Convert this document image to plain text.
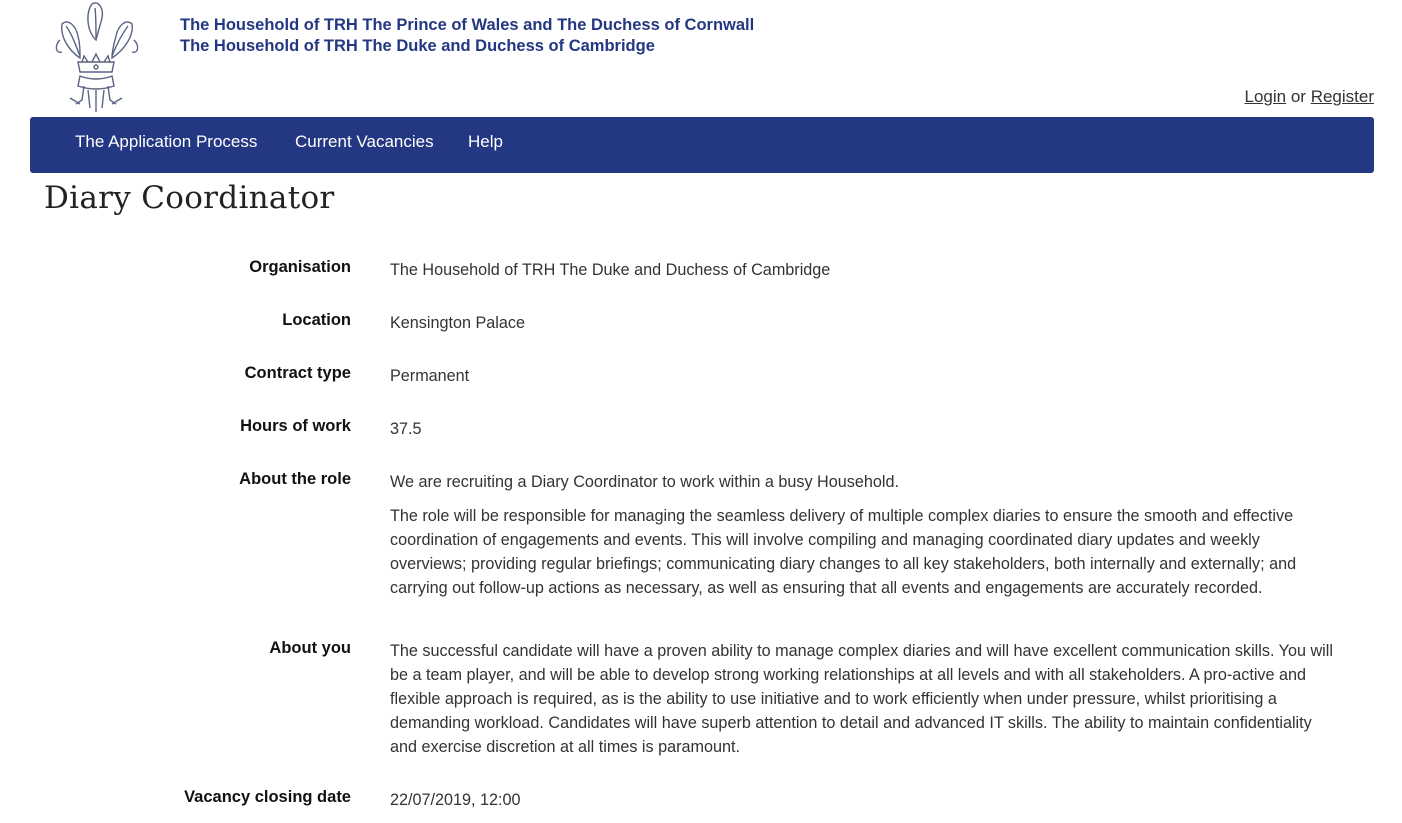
The Household of TRH The Prince of Wales and The Duchess of Cornwall
The Household of TRH The Duke and Duchess of Cambridge
Login or Register
The Application Process Current Vacancies Help
Diary Coordinator
Organisation The Household of TRH The Duke and Duchess of Cambridge
Location Kensington Palace
Contract type Permanent
Hours of work 37.5
About the role We are recruiting a Diary Coordinator to work within a busy Household.

The role will be responsible for managing the seamless delivery of multiple complex diaries to ensure the smooth and effective coordination of engagements and events. This will involve compiling and managing coordinated diary updates and weekly overviews; providing regular briefings; communicating diary changes to all key stakeholders, both internally and externally; and carrying out follow-up actions as necessary, as well as ensuring that all events and engagements are accurately recorded.

About you The successful candidate will have a proven ability to manage complex diaries and will have excellent communication skills. You will be a team player, and will be able to develop strong working relationships at all levels and with all stakeholders. A pro-active and flexible approach is required, as is the ability to use initiative and to work efficiently when under pressure, whilst prioritising a demanding workload. Candidates will have superb attention to detail and advanced IT skills. The ability to maintain confidentiality and exercise discretion at all times is paramount.
Vacancy closing date 22/07/2019, 12:00
